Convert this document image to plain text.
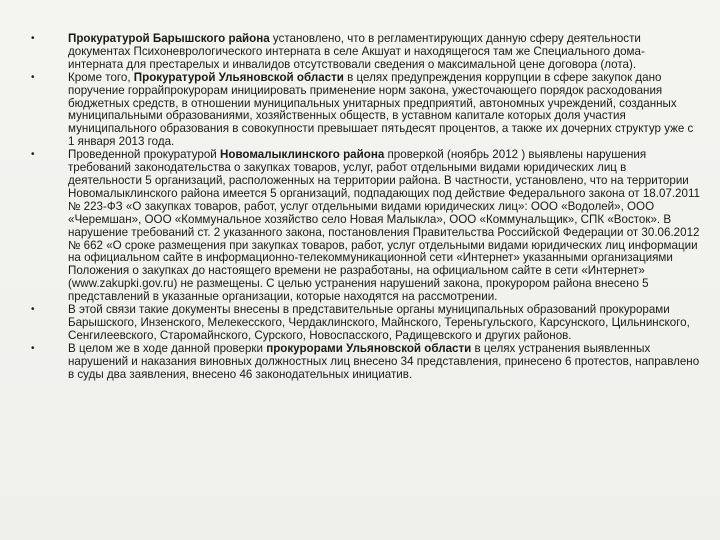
•	Прокуратурой Барышского района установлено, что в регламентирующих данную сферу деятельности документах Психоневрологического интерната в селе Акшуат и находящегося там же Специального дома-интерната для престарелых и инвалидов отсутствовали сведения о максимальной цене договора (лота).
•	Кроме того, Прокуратурой Ульяновской области в целях предупреждения коррупции в сфере закупок дано поручение горрайпрокурорам инициировать применение норм закона, ужесточающего порядок расходования бюджетных средств, в отношении муниципальных унитарных предприятий, автономных учреждений, созданных муниципальными образованиями, хозяйственных обществ, в уставном капитале которых доля участия муниципального образования в совокупности превышает пятьдесят процентов, а также их дочерних структур уже с 1 января 2013 года.
•	Проведенной прокуратурой Новомалыклинского района проверкой (ноябрь 2012 ) выявлены нарушения требований законодательства о закупках товаров, услуг, работ отдельными видами юридических лиц в деятельности 5 организаций, расположенных на территории района. В частности, установлено, что на территории Новомалыклинского района имеется 5 организаций, подпадающих под действие Федерального закона от 18.07.2011 № 223-ФЗ «О закупках товаров, работ, услуг отдельными видами юридических лиц»: ООО «Водолей», ООО «Черемшан», ООО «Коммунальное хозяйство село Новая Малыкла», ООО «Коммунальщик», СПК «Восток». В нарушение требований ст. 2 указанного закона, постановления Правительства Российской Федерации от 30.06.2012 № 662 «О сроке размещения при закупках товаров, работ, услуг отдельными видами юридических лиц информации на официальном сайте в информационно-телекоммуникационной сети «Интернет» указанными организациями Положения о закупках до настоящего времени не разработаны, на официальном сайте в сети «Интернет» (www.zakupki.gov.ru) не размещены. С целью устранения нарушений закона, прокурором района внесено 5 представлений в указанные организации, которые находятся на рассмотрении.
•	В этой связи такие документы внесены в представительные органы муниципальных образований прокурорами Барышского, Инзенского, Мелекесского, Чердаклинского, Майнского, Тереньгульского, Карсунского, Цильнинского, Сенгилеевского, Старомайнского, Сурского, Новоспасского, Радищевского и других районов.
•	В целом же в ходе данной проверки прокурорами Ульяновской области в целях устранения выявленных нарушений и наказания виновных должностных лиц внесено 34 представления, принесено 6 протестов, направлено в суды два заявления, внесено 46 законодательных инициатив.
